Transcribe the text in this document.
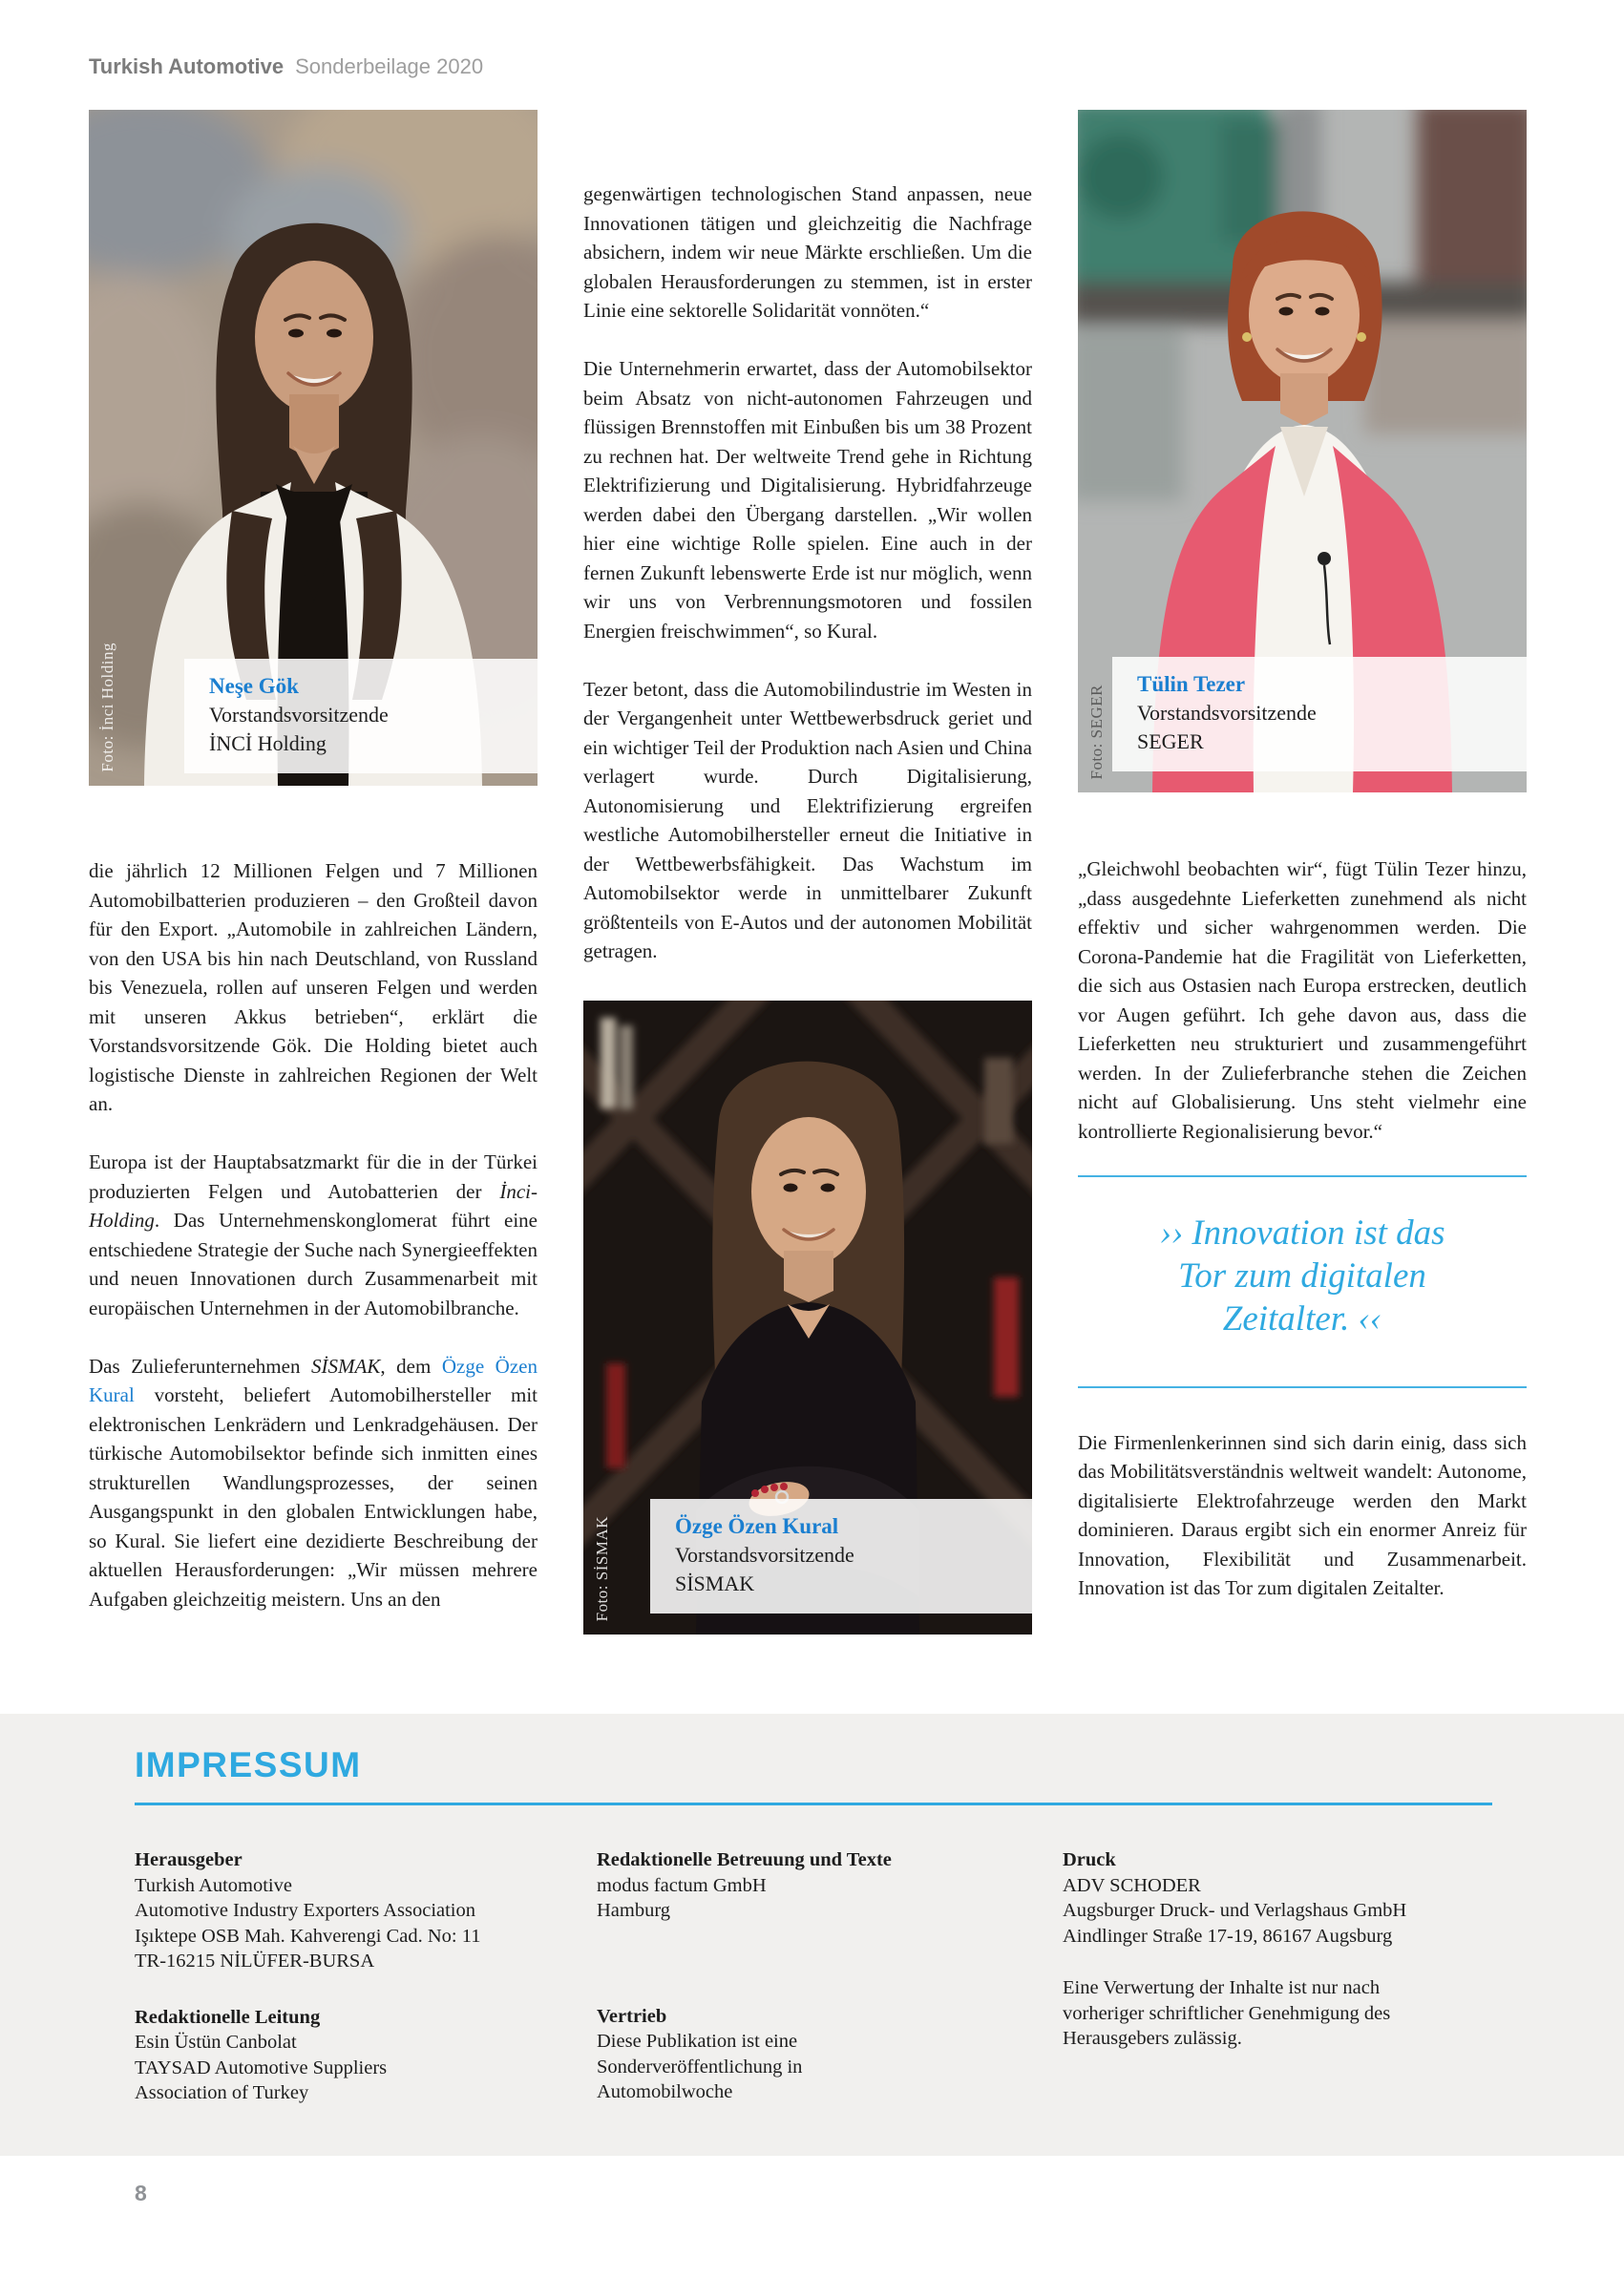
Turkish Automotive Sonderbeilage 2020

die jährlich 12 Millionen Felgen und 7 Millionen Automobilbatterien produzieren – den Großteil davon für den Export. „Automobile in zahlreichen Ländern, von den USA bis hin nach Deutschland, von Russland bis Venezuela, rollen auf unseren Felgen und werden mit unseren Akkus betrieben“, erklärt die Vorstandsvorsitzende Gök. Die Holding bietet auch logistische Dienste in zahlreichen Regionen der Welt an.

Europa ist der Hauptabsatzmarkt für die in der Türkei produzierten Felgen und Autobatterien der İnci-Holding. Das Unternehmenskonglomerat führt eine entschiedene Strategie der Suche nach Synergieeffekten und neuen Innovationen durch Zusammenarbeit mit europäischen Unternehmen in der Automobilbranche.

Das Zulieferunternehmen SİSMAK, dem Özge Özen Kural vorsteht, beliefert Automobilhersteller mit elektronischen Lenkrädern und Lenkradgehäusen. Der türkische Automobilsektor befinde sich inmitten eines strukturellen Wandlungsprozesses, der seinen Ausgangspunkt in den globalen Entwicklungen habe, so Kural. Sie liefert eine dezidierte Beschreibung der aktuellen Herausforderungen: „Wir müssen mehrere Aufgaben gleichzeitig meistern. Uns an den

gegenwärtigen technologischen Stand anpassen, neue Innovationen tätigen und gleichzeitig die Nachfrage absichern, indem wir neue Märkte erschließen. Um die globalen Herausforderungen zu stemmen, ist in erster Linie eine sektorelle Solidarität vonnöten.“

Die Unternehmerin erwartet, dass der Automobilsektor beim Absatz von nicht-autonomen Fahrzeugen und flüssigen Brennstoffen mit Einbußen bis um 38 Prozent zu rechnen hat. Der weltweite Trend gehe in Richtung Elektrifizierung und Digitalisierung. Hybridfahrzeuge werden dabei den Übergang darstellen. „Wir wollen hier eine wichtige Rolle spielen. Eine auch in der fernen Zukunft lebenswerte Erde ist nur möglich, wenn wir uns von Verbrennungsmotoren und fossilen Energien freischwimmen“, so Kural.

Tezer betont, dass die Automobilindustrie im Westen in der Vergangenheit unter Wettbewerbsdruck geriet und ein wichtiger Teil der Produktion nach Asien und China verlagert wurde. Durch Digitalisierung, Autonomisierung und Elektrifizierung ergreifen westliche Automobilhersteller erneut die Initiative in der Wettbewerbsfähigkeit. Das Wachstum im Automobilsektor werde in unmittelbarer Zukunft größtenteils von E-Autos und der autonomen Mobilität getragen.

„Gleichwohl beobachten wir“, fügt Tülin Tezer hinzu, „dass ausgedehnte Lieferketten zunehmend als nicht effektiv und sicher wahrgenommen werden. Die Corona-Pandemie hat die Fragilität von Lieferketten, die sich aus Ostasien nach Europa erstrecken, deutlich vor Augen geführt. Ich gehe davon aus, dass die Lieferketten neu strukturiert und zusammengeführt werden. In der Zulieferbranche stehen die Zeichen nicht auf Globalisierung. Uns steht vielmehr eine kontrollierte Regionalisierung bevor.“

›› Innovation ist das Tor zum digitalen Zeitalter. ‹‹

Die Firmenlenkerinnen sind sich darin einig, dass sich das Mobilitätsverständnis weltweit wandelt: Autonome, digitalisierte Elektrofahrzeuge werden den Markt dominieren. Daraus ergibt sich ein enormer Anreiz für Innovation, Flexibilität und Zusammenarbeit. Innovation ist das Tor zum digitalen Zeitalter.

Foto: İnci Holding	Neşe Gök
Vorstandsvorsitzende
İNCİ Holding	Foto: SEGER Tülin Tezer
Vorstandsvorsitzende
SEGER
Foto: SİSMAK	Özge Özen Kural
Vorstandsvorsitzende
SİSMAK
IMPRESSUM

Herausgeber

Turkish Automotive

Automotive Industry Exporters Association

Işıktepe OSB Mah. Kahverengi Cad. No: 11

TR-16215 NİLÜFER-BURSA

Redaktionelle Leitung

Esin Üstün Canbolat

TAYSAD Automotive Suppliers

Association of Turkey

Redaktionelle Betreuung und Texte

modus factum GmbH

Hamburg

Vertrieb

Diese Publikation ist eine

Sonderveröffentlichung in

Automobilwoche

Druck

ADV SCHODER

Augsburger Druck- und Verlagshaus GmbH

Aindlinger Straße 17-19, 86167 Augsburg

Eine Verwertung der Inhalte ist nur nach

vorheriger schriftlicher Genehmigung des

Herausgebers zulässig.

8
